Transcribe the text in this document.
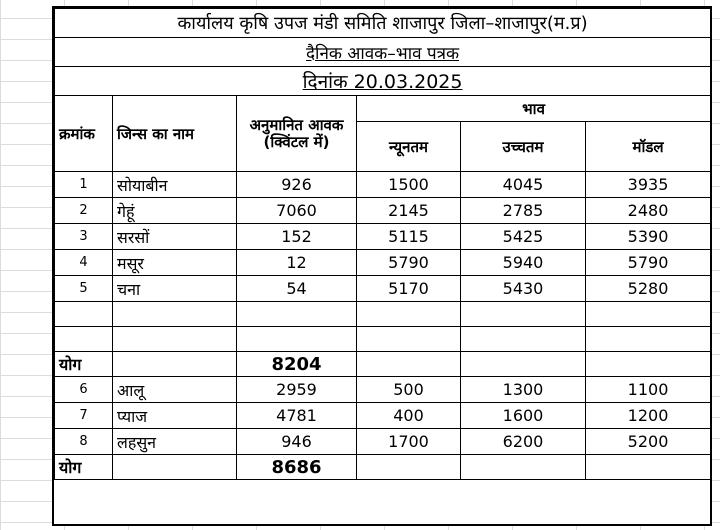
कार्यालय कृषि उपज मंडी समिति शाजापुर जिला–शाजापुर(म.प्र)					
दैनिक आवक–भाव पत्रक					
दिनांक 20.03.2025					
क्रमांक	जिन्स का नाम	अनुमानित आवक (क्विंटल में)	भाव		
			न्यूनतम	उच्चतम	मॉडल
1	सोयाबीन	926	1500	4045	3935
2	गेहूं	7060	2145	2785	2480
3	सरसों	152	5115	5425	5390
4	मसूर	12	5790	5940	5790
5	चना	54	5170	5430	5280

योग		8204			
6	आलू	2959	500	1300	1100
7	प्याज	4781	400	1600	1200
8	लहसुन	946	1700	6200	5200
योग		8686			
